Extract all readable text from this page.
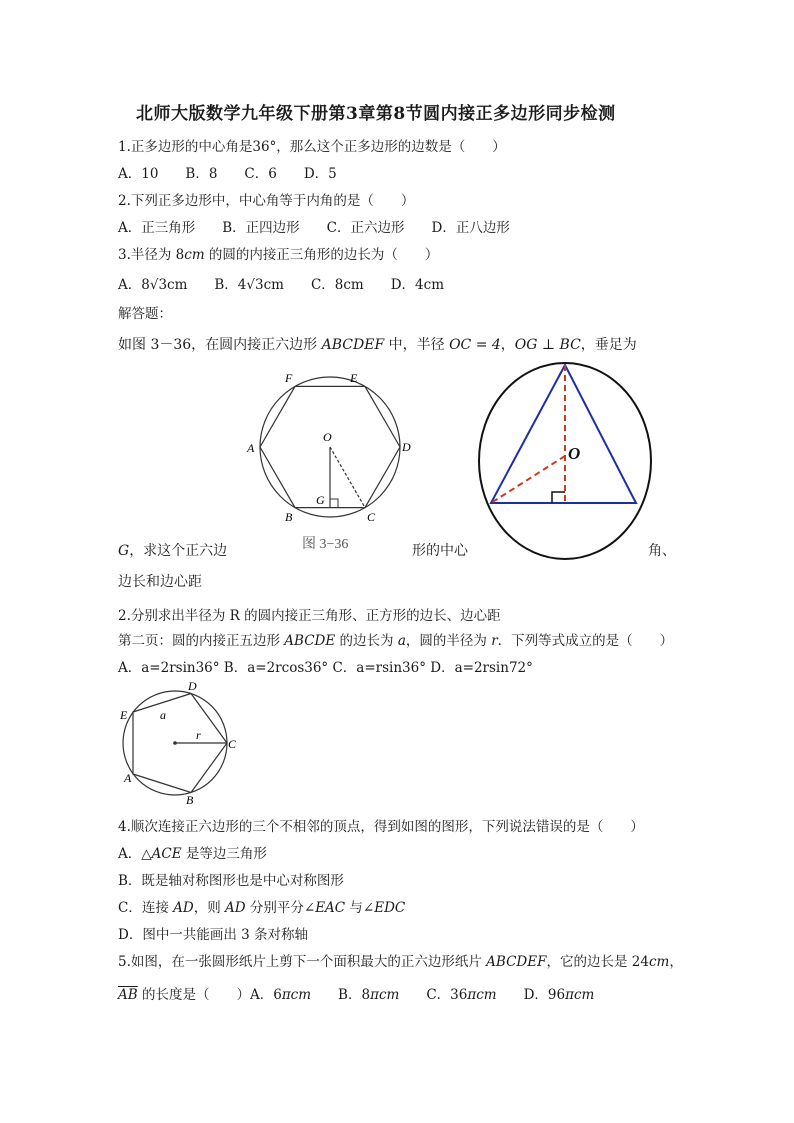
北师大版数学九年级下册第3章第8节圆内接正多边形同步检测
1.正多边形的中心角是36°，那么这个正多边形的边数是（　　）
A．10　　B．8　　C．6　　D．5
2.下列正多边形中，中心角等于内角的是（　　）
A．正三角形　　B．正四边形　　C．正六边形　　D．正八边形
3.半径为 8cm 的圆的内接正三角形的边长为（　　）
A．8√3cm　　B．4√3cm　　C．8cm　　D．4cm
解答题：
如图 3－36，在圆内接正六边形 ABCDEF 中，半径 OC = 4，OG ⊥ BC，垂足为
E
F
A	D
O
G
B	C
图 3−36
O
G，求这个正六边	形的中心	角、
边长和边心距
2.分别求出半径为 R 的圆内接正三角形、正方形的边长、边心距
第二页：圆的内接正五边形 ABCDE 的边长为 a，圆的半径为 r．下列等式成立的是（　　）
A．a=2rsin36° B．a=2rcos36° C．a=rsin36° D．a=2rsin72°
D
E
C
A
B
a
r
4.顺次连接正六边形的三个不相邻的顶点，得到如图的图形，下列说法错误的是（　　）
A．△ACE 是等边三角形
B．既是轴对称图形也是中心对称图形
C．连接 AD，则 AD 分别平分∠EAC 与∠EDC
D．图中一共能画出 3 条对称轴
5.如图，在一张圆形纸片上剪下一个面积最大的正六边形纸片 ABCDEF，它的边长是 24cm，
$\overline{AB}$ 的长度是（　　）A．6πcm　　B．8πcm　　C．36πcm　　D．96πcm
